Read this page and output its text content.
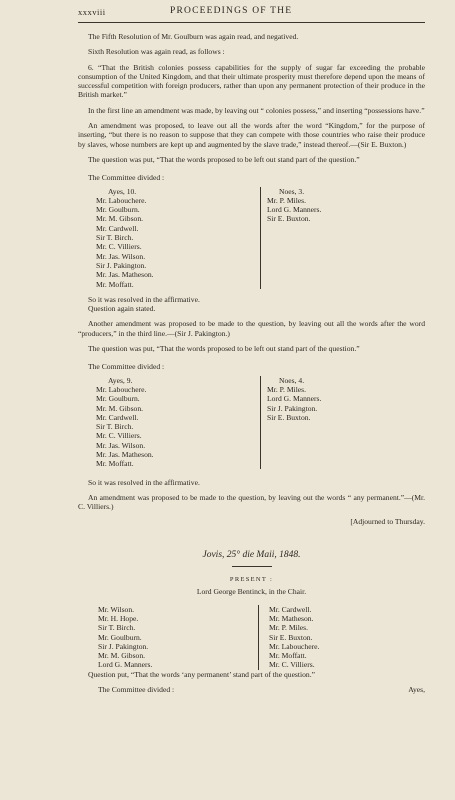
xxxviii	PROCEEDINGS OF THE

The Fifth Resolution of Mr. Goulburn was again read, and negatived.

Sixth Resolution was again read, as follows :

6. “That the British colonies possess capabilities for the supply of sugar far exceeding the probable consumption of the United Kingdom, and that their ultimate prosperity must therefore depend upon the means of successful competition with foreign producers, rather than upon any permanent protection of their produce in the British market.”

In the first line an amendment was made, by leaving out “ colonies possess,” and inserting “possessions have.”

An amendment was proposed, to leave out all the words after the word “Kingdom,” for the purpose of inserting, “but there is no reason to suppose that they can compete with those countries who raise their produce by slaves, whose numbers are kept up and augmented by the slave trade,” instead thereof.—(Sir E. Buxton.)

The question was put, “That the words proposed to be left out stand part of the question.”

The Committee divided :

Ayes, 10.
Mr. Labouchere.
Mr. Goulburn.
Mr. M. Gibson.
Mr. Cardwell.
Sir T. Birch.
Mr. C. Villiers.
Mr. Jas. Wilson.
Sir J. Pakington.
Mr. Jas. Matheson.
Mr. Moffatt.
Noes, 3.
Mr. P. Miles.
Lord G. Manners.
Sir E. Buxton.

So it was resolved in the affirmative.

Question again stated.

Another amendment was proposed to be made to the question, by leaving out all the words after the word “producers,” in the third line.—(Sir J. Pakington.)

The question was put, “That the words proposed to be left out stand part of the question.”

The Committee divided :

Ayes, 9.
Mr. Labouchere.
Mr. Goulburn.
Mr. M. Gibson.
Mr. Cardwell.
Sir T. Birch.
Mr. C. Villiers.
Mr. Jas. Wilson.
Mr. Jas. Matheson.
Mr. Moffatt.
Noes, 4.
Mr. P. Miles.
Lord G. Manners.
Sir J. Pakington.
Sir E. Buxton.

So it was resolved in the affirmative.

An amendment was proposed to be made to the question, by leaving out the words “ any permanent.”—(Mr. C. Villiers.)

[Adjourned to Thursday.

Jovis, 25° die Maii, 1848.

PRESENT :

Lord George Bentinck, in the Chair.

Mr. Wilson.
Mr. H. Hope.
Sir T. Birch.
Mr. Goulburn.
Sir J. Pakington.
Mr. M. Gibson.
Lord G. Manners.
Mr. Cardwell.
Mr. Matheson.
Mr. P. Miles.
Sir E. Buxton.
Mr. Labouchere.
Mr. Moffatt.
Mr. C. Villiers.

Question put, “That the words ‘any permanent’ stand part of the question.”

The Committee divided :	Ayes,
